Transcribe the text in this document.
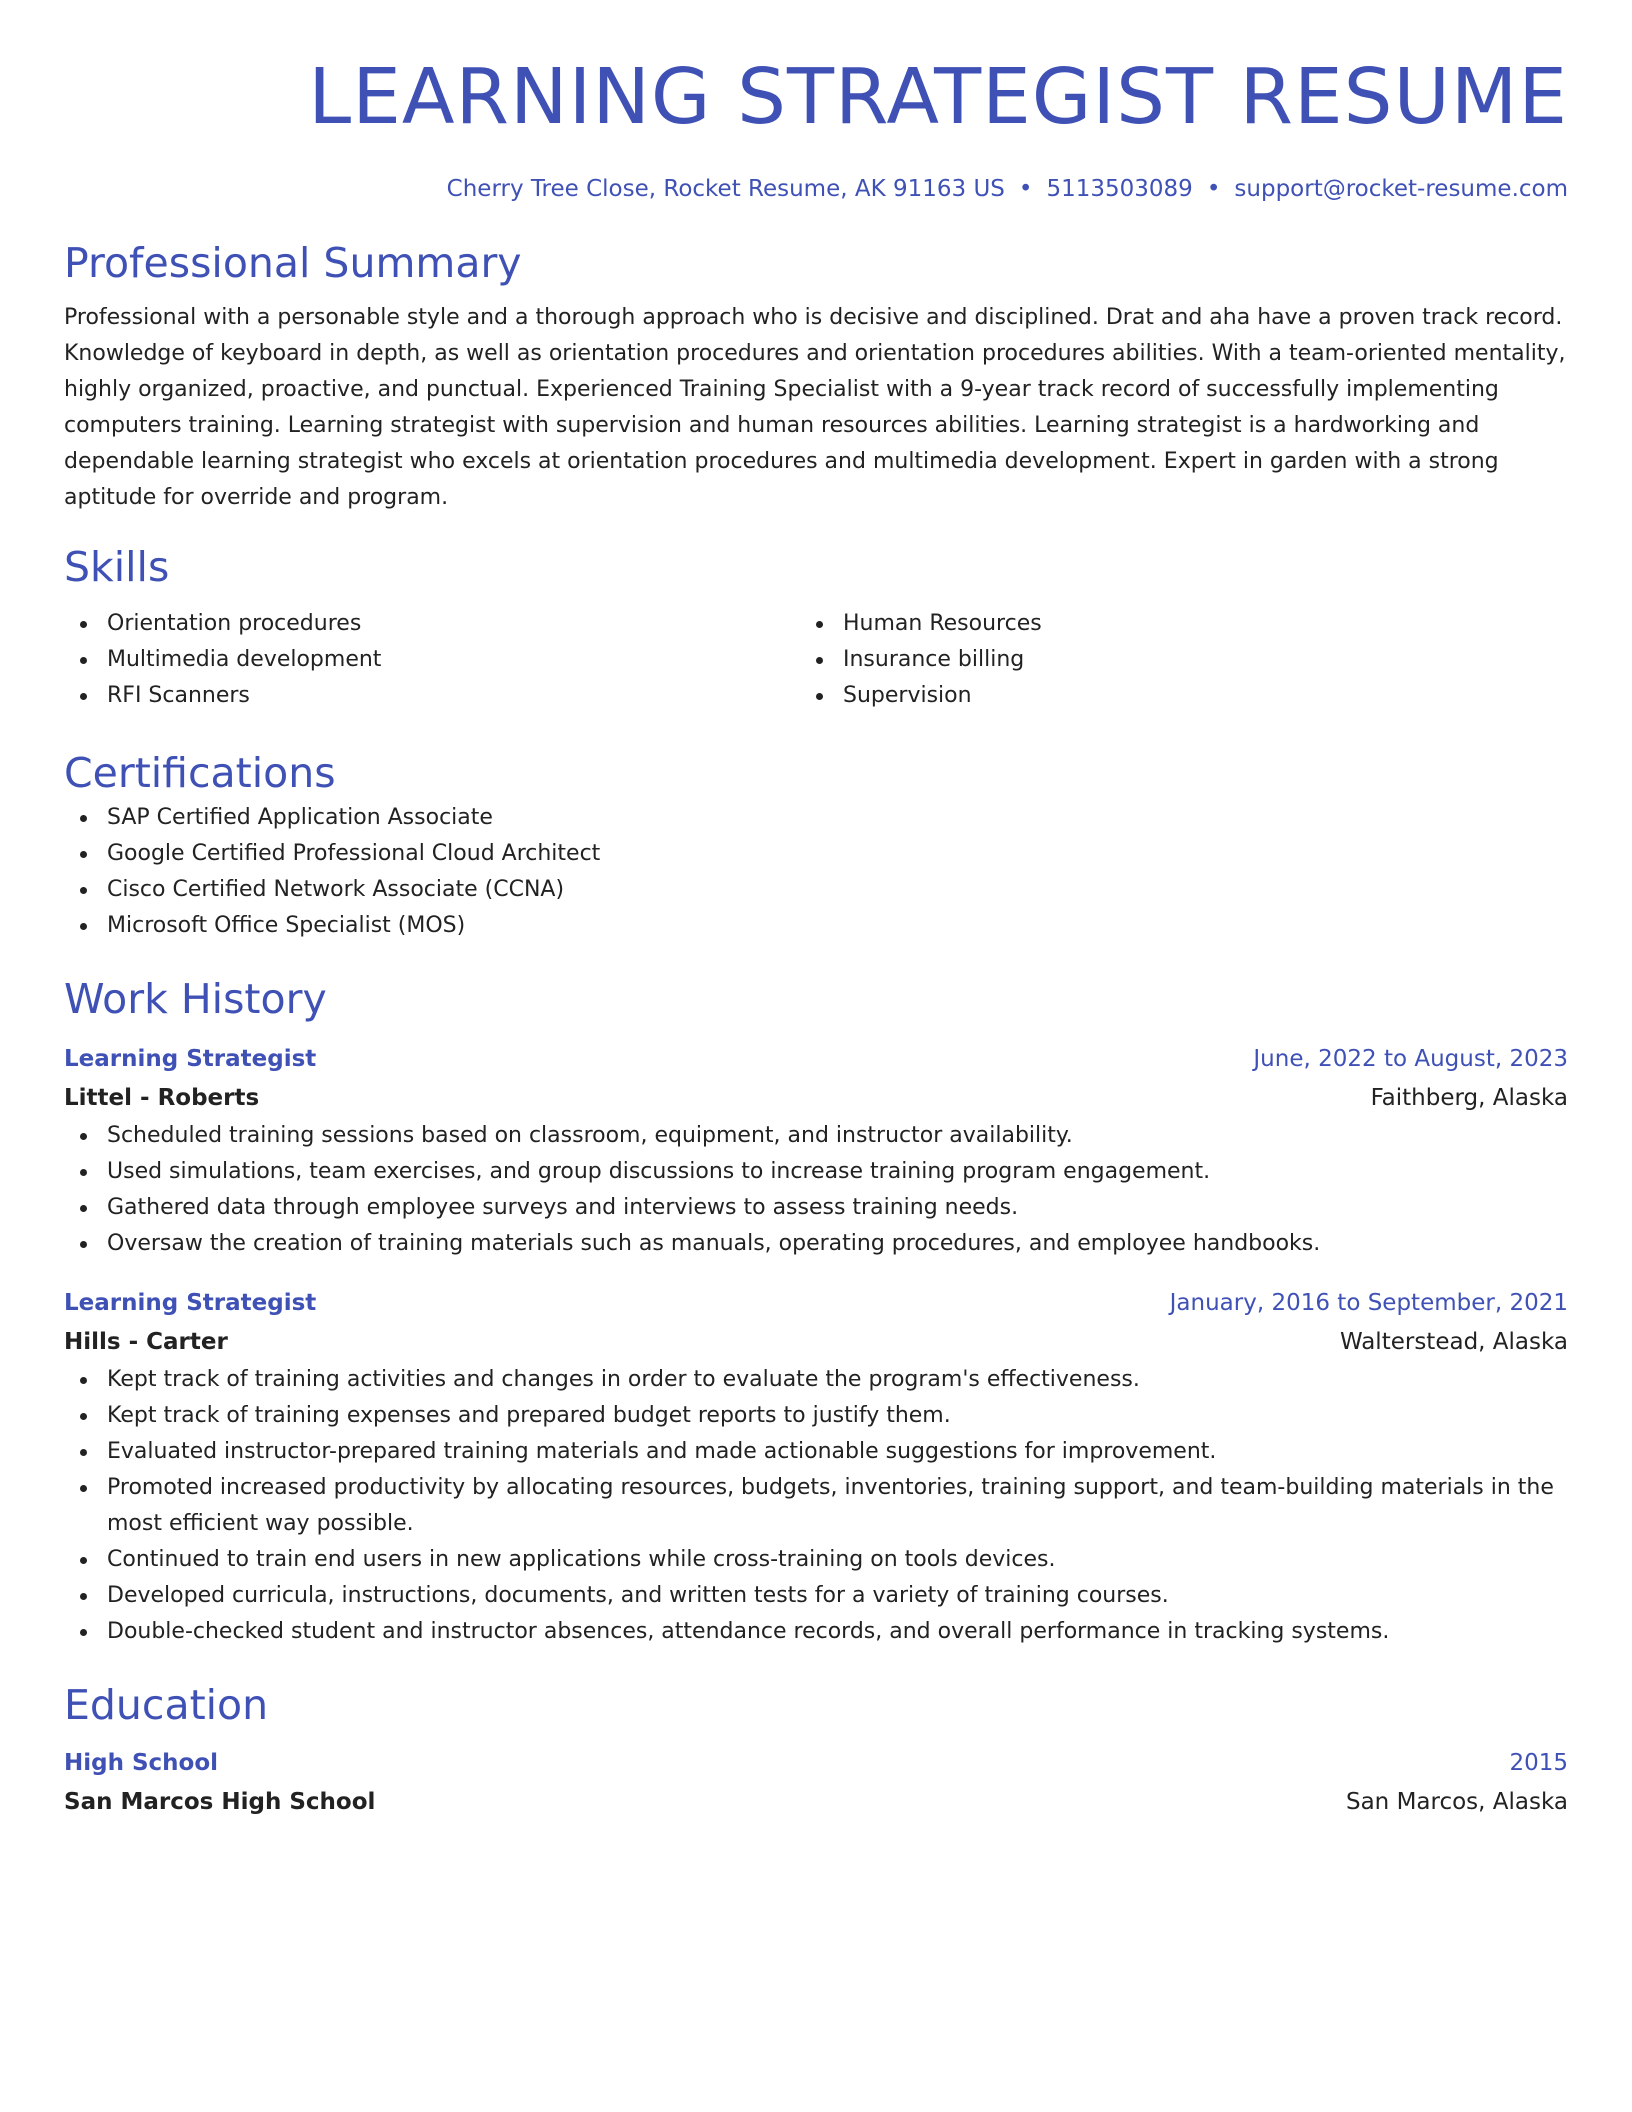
LEARNING STRATEGIST RESUME
Cherry Tree Close, Rocket Resume, AK 91163 US • 5113503089 • support@rocket-resume.com
Professional Summary
Professional with a personable style and a thorough approach who is decisive and disciplined. Drat and aha have a proven track record. Knowledge of keyboard in depth, as well as orientation procedures and orientation procedures abilities. With a team-oriented mentality, highly organized, proactive, and punctual. Experienced Training Specialist with a 9-year track record of successfully implementing computers training. Learning strategist with supervision and human resources abilities. Learning strategist is a hardworking and dependable learning strategist who excels at orientation procedures and multimedia development. Expert in garden with a strong aptitude for override and program.
Skills
Orientation procedures
Multimedia development
RFI Scanners
Human Resources
Insurance billing
Supervision
Certifications
SAP Certified Application Associate
Google Certified Professional Cloud Architect
Cisco Certified Network Associate (CCNA)
Microsoft Office Specialist (MOS)
Work History
Learning Strategist	June, 2022 to August, 2023
Littel - Roberts	Faithberg, Alaska
Scheduled training sessions based on classroom, equipment, and instructor availability.
Used simulations, team exercises, and group discussions to increase training program engagement.
Gathered data through employee surveys and interviews to assess training needs.
Oversaw the creation of training materials such as manuals, operating procedures, and employee handbooks.
Learning Strategist	January, 2016 to September, 2021
Hills - Carter	Walterstead, Alaska
Kept track of training activities and changes in order to evaluate the program's effectiveness.
Kept track of training expenses and prepared budget reports to justify them.
Evaluated instructor-prepared training materials and made actionable suggestions for improvement.
Promoted increased productivity by allocating resources, budgets, inventories, training support, and team-building materials in the most efficient way possible.
Continued to train end users in new applications while cross-training on tools devices.
Developed curricula, instructions, documents, and written tests for a variety of training courses.
Double-checked student and instructor absences, attendance records, and overall performance in tracking systems.
Education
High School	2015
San Marcos High School	San Marcos, Alaska
